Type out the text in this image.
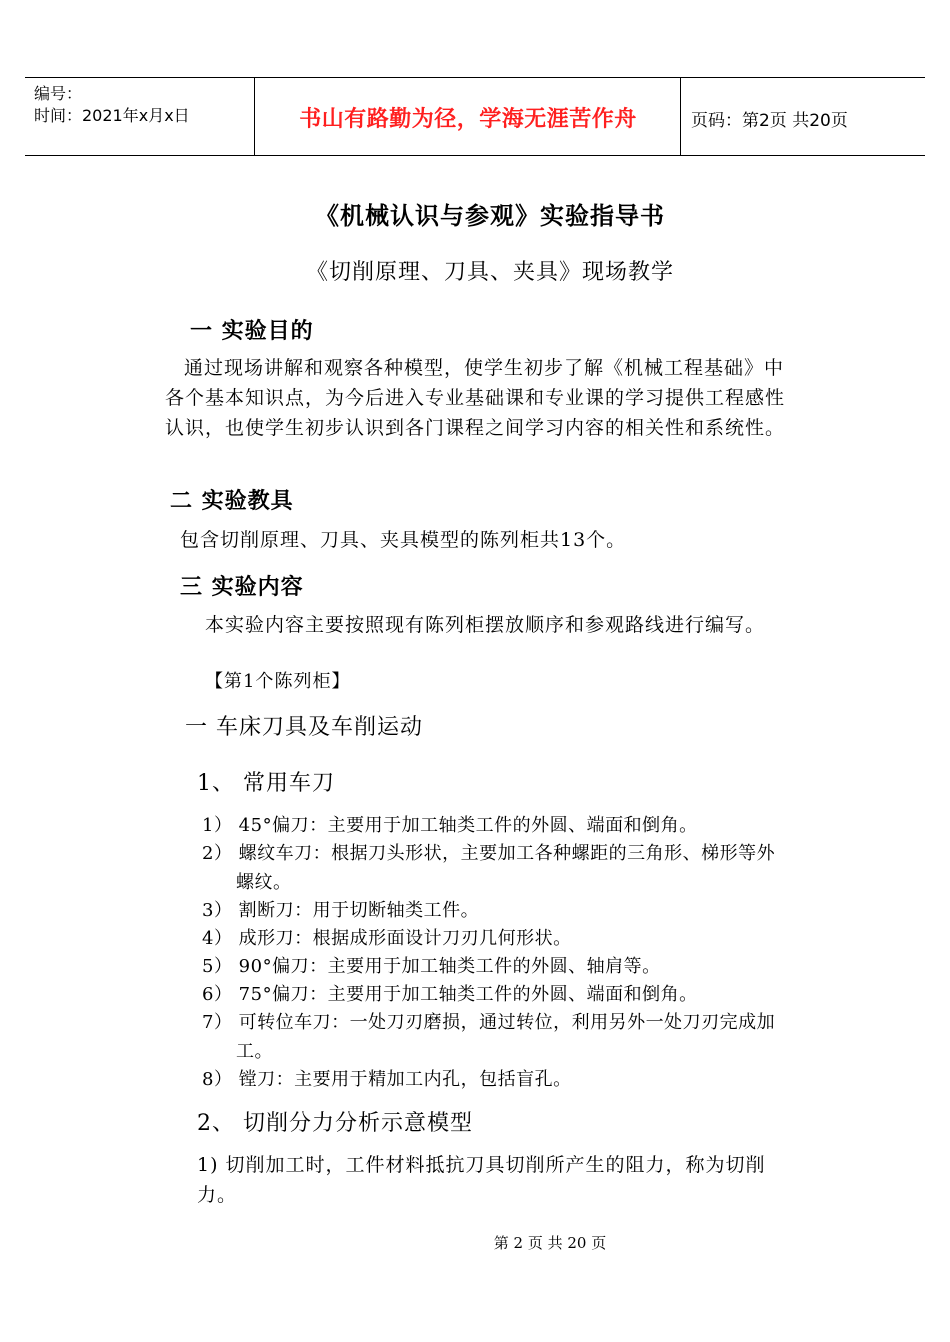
编号：
时间：2021年x月x日	书山有路勤为径，学海无涯苦作舟	页码：第2页 共20页
《机械认识与参观》实验指导书
《切削原理、刀具、夹具》现场教学
一 实验目的
通过现场讲解和观察各种模型，使学生初步了解《机械工程基础》中各个基本知识点，为今后进入专业基础课和专业课的学习提供工程感性认识，也使学生初步认识到各门课程之间学习内容的相关性和系统性。
二 实验教具
包含切削原理、刀具、夹具模型的陈列柜共13个。
三 实验内容
本实验内容主要按照现有陈列柜摆放顺序和参观路线进行编写。
【第1个陈列柜】
一 车床刀具及车削运动
1、 常用车刀
1） 45°偏刀：主要用于加工轴类工件的外圆、端面和倒角。
2） 螺纹车刀：根据刀头形状，主要加工各种螺距的三角形、梯形等外螺纹。
3） 割断刀：用于切断轴类工件。
4） 成形刀：根据成形面设计刀刃几何形状。
5） 90°偏刀：主要用于加工轴类工件的外圆、轴肩等。
6） 75°偏刀：主要用于加工轴类工件的外圆、端面和倒角。
7） 可转位车刀：一处刀刃磨损，通过转位，利用另外一处刀刃完成加工。
8） 镗刀：主要用于精加工内孔，包括盲孔。
2、 切削分力分析示意模型
1) 切削加工时，工件材料抵抗刀具切削所产生的阻力，称为切削力。
第 2 页 共 20 页
